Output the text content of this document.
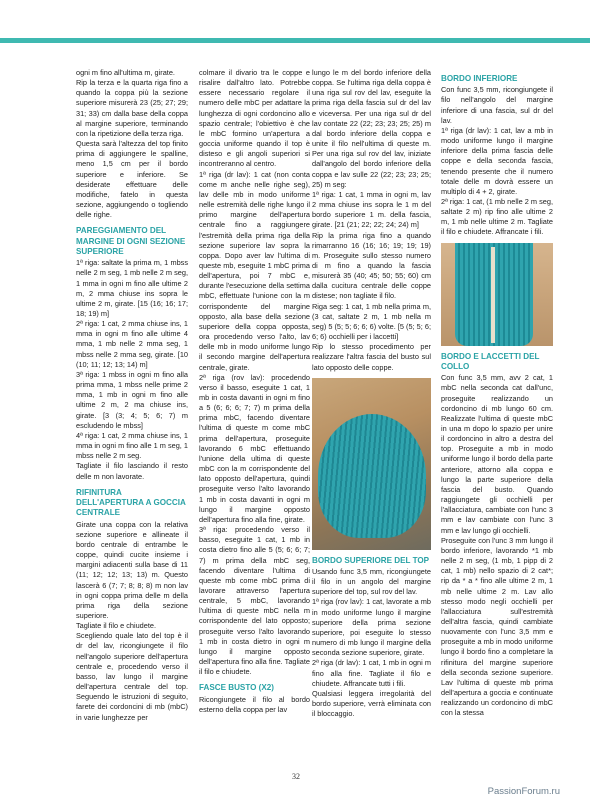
ogni m fino all'ultima m, girate.

Rip la terza e la quarta riga fino a quando la coppa più la sezione superiore misurerà 23 (25; 27; 29; 31; 33) cm dalla base della coppa al margine superiore, terminando con la ripetizione della terza riga.

Questa sarà l'altezza del top finito prima di aggiungere le spalline, meno 1,5 cm per il bordo superiore e inferiore. Se desiderate effettuare delle modifiche, fatelo in questa sezione, aggiungendo o togliendo delle righe.

PAREGGIAMENTO DEL MARGINE DI OGNI SEZIONE SUPERIORE

1ª riga: saltate la prima m, 1 mbss nelle 2 m seg, 1 mb nelle 2 m seg, 1 mma in ogni m fino alle ultime 2 m, 2 mma chiuse ins sopra le ultime 2 m, girate. [15 (16; 16; 17; 18; 19) m]

2ª riga: 1 cat, 2 mma chiuse ins, 1 mma in ogni m fino alle ultime 4 mma, 1 mb nelle 2 mma seg, 1 mbss nelle 2 mma seg, girate. [10 (10; 11; 12; 13; 14) m]

3ª riga: 1 mbss in ogni m fino alla prima mma, 1 mbss nelle prime 2 mma, 1 mb in ogni m fino alle ultime 2 m, 2 ma chiuse ins, girate. [3 (3; 4; 5; 6; 7) m escludendo le mbss]

4ª riga: 1 cat, 2 mma chiuse ins, 1 mma in ogni m fino alle 1 m seg, 1 mbss nelle 2 m seg.

Tagliate il filo lasciando il resto delle m non lavorate.

RIFINITURA DELL'APERTURA A GOCCIA CENTRALE

Girate una coppa con la relativa sezione superiore e allineate il bordo centrale di entrambe le coppe, quindi cucite insieme i margini adiacenti sulla base di 11 (11; 12; 12; 13; 13) m. Questo lascerà 6 (7; 7; 8; 8; 8) m non lav in ogni coppa prima delle m della prima riga della sezione superiore.

Tagliate il filo e chiudete.

Scegliendo quale lato del top è il dr del lav, ricongiungete il filo nell'angolo superiore dell'apertura centrale e, procedendo verso il basso, lav lungo il margine dell'apertura centrale del top. Seguendo le istruzioni di seguito, farete dei cordoncini di mb (mbC) in varie lunghezze per

colmare il divario tra le coppe e risalire dall'altro lato. Potrebbe essere necessario regolare il numero delle mbC per adattare la lunghezza di ogni cordoncino allo spazio centrale; l'obiettivo è che le mbC formino un'apertura a goccia uniforme quando il top è disteso e gli angoli superiori si incontreranno al centro.

1ª riga (dr lav): 1 cat (non conta come m anche nelle righe seg), lav delle mb in modo uniforme nelle estremità delle righe lungo il primo margine dell'apertura centrale fino a raggiungere l'estremità della prima riga della sezione superiore lav sopra la coppa. Dopo aver lav l'ultima di queste mb, eseguite 1 mbC prima dell'apertura, poi 7 mbC e, durante l'esecuzione della settima mbC, effettuate l'unione con la m corrispondente del margine opposto, alla base della sezione superiore della coppa opposta, ora procedendo verso l'alto, lav delle mb in modo uniforme lungo il secondo margine dell'apertura centrale, girate.

2ª riga (rov lav): procedendo verso il basso, eseguite 1 cat, 1 mb in costa davanti in ogni m fino a 5 (6; 6; 6; 7; 7) m prima della prima mbC, facendo diventare l'ultima di queste m come mbC prima dell'apertura, proseguite lavorando 6 mbC effettuando l'unione della ultima di queste mbC con la m corrispondente del lato opposto dell'apertura, quindi proseguite verso l'alto lavorando 1 mb in costa davanti in ogni m lungo il margine opposto dell'apertura fino alla fine, girate.

3ª riga: procedendo verso il basso, eseguite 1 cat, 1 mb in costa dietro fino alle 5 (5; 6; 6; 7; 7) m prima della mbC seg, facendo diventare l'ultima di queste mb come mbC prima di lavorare attraverso l'apertura centrale, 5 mbC, lavorando l'ultima di queste mbC nella m corrispondente del lato opposto; proseguite verso l'alto lavorando 1 mb in costa dietro in ogni m lungo il margine opposto dell'apertura fino alla fine. Tagliate il filo e chiudete.

FASCE BUSTO (X2)

Ricongiungete il filo al bordo esterno della coppa per lav

lungo le m del bordo inferiore della coppa. Se l'ultima riga della coppa è una riga sul rov del lav, eseguite la prima riga della fascia sul dr del lav e viceversa. Per una riga sul dr del lav contate 22 (22; 23; 23; 25; 25) m dal bordo inferiore della coppa e unite il filo nell'ultima di queste m. Per una riga sul rov del lav, iniziate dall'angolo del bordo inferiore della coppa e lav sulle 22 (22; 23; 23; 25; 25) m seg:

1ª riga: 1 cat, 1 mma in ogni m, lav 2 mma chiuse ins sopra le 1 m del bordo superiore 1 m. della fascia, girate. [21 (21; 22; 22; 24; 24) m]

Rip la prima riga fino a quando rimarranno 16 (16; 16; 19; 19; 19) m. Proseguite sullo stesso numero di m fino a quando la fascia misurerà 35 (40; 45; 50; 55; 60) cm dalla cucitura centrale delle coppe distese; non tagliate il filo.

Riga seg: 1 cat, 1 mb nella prima m, (3 cat, saltate 2 m, 1 mb nella m seg) 5 (5; 5; 6; 6; 6) volte. [5 (5; 5; 6; 6; 6) occhielli per i laccetti]

Rip lo stesso procedimento per realizzare l'altra fascia del busto sul lato opposto delle coppe.

BORDO SUPERIORE DEL TOP

Usando func 3,5 mm, ricongiungete il filo in un angolo del margine superiore del top, sul rov del lav.

1ª riga (rov lav): 1 cat, lavorate a mb in modo uniforme lungo il margine superiore della prima sezione superiore, poi eseguite lo stesso numero di mb lungo il margine della seconda sezione superiore, girate.

2ª riga (dr lav): 1 cat, 1 mb in ogni m fino alla fine. Tagliate il filo e chiudete. Affrancate tutti i fili.

Qualsiasi leggera irregolarità del bordo superiore, verrà eliminata con il bloccaggio.

BORDO INFERIORE

Con func 3,5 mm, ricongiungete il filo nell'angolo del margine inferiore di una fascia, sul dr del lav.

1ª riga (dr lav): 1 cat, lav a mb in modo uniforme lungo il margine inferiore della prima fascia delle coppe e della seconda fascia, tenendo presente che il numero totale delle m dovrà essere un multiplo di 4 + 2, girate.

2ª riga: 1 cat, (1 mb nelle 2 m seg, saltate 2 m) rip fino alle ultime 2 m, 1 mb nelle ultime 2 m. Tagliate il filo e chiudete. Affrancate i fili.

BORDO E LACCETTI DEL COLLO

Con func 3,5 mm, avv 2 cat, 1 mbC nella seconda cat dall'unc, proseguite realizzando un cordoncino di mb lungo 60 cm. Realizzate l'ultima di queste mbC in una m dopo lo spazio per unire il cordoncino in altro a destra del top. Proseguite a mb in modo uniforme lungo il bordo della parte anteriore, attorno alla coppa e lungo la parte superiore della fascia del busto. Quando raggiungete gli occhielli per l'allacciatura, cambiate con l'unc 3 mm e lav cambiate con l'unc 3 mm e lav lungo gli occhielli.

Proseguite con l'unc 3 mm lungo il bordo inferiore, lavorando *1 mb nelle 2 m seg, (1 mb, 1 pipp di 2 cat, 1 mb) nello spazio di 2 cat*; rip da * a * fino alle ultime 2 m, 1 mb nelle ultime 2 m. Lav allo stesso modo negli occhielli per l'allacciatura sull'estremità dell'altra fascia, quindi cambiate nuovamente con l'unc 3,5 mm e proseguite a mb in modo uniforme lungo il bordo fino a completare la rifinitura del margine superiore della seconda sezione superiore. Lav l'ultima di queste mb prima dell'apertura a goccia e continuate realizzando un cordoncino di mbC con la stessa

32
PassionForum.ru
